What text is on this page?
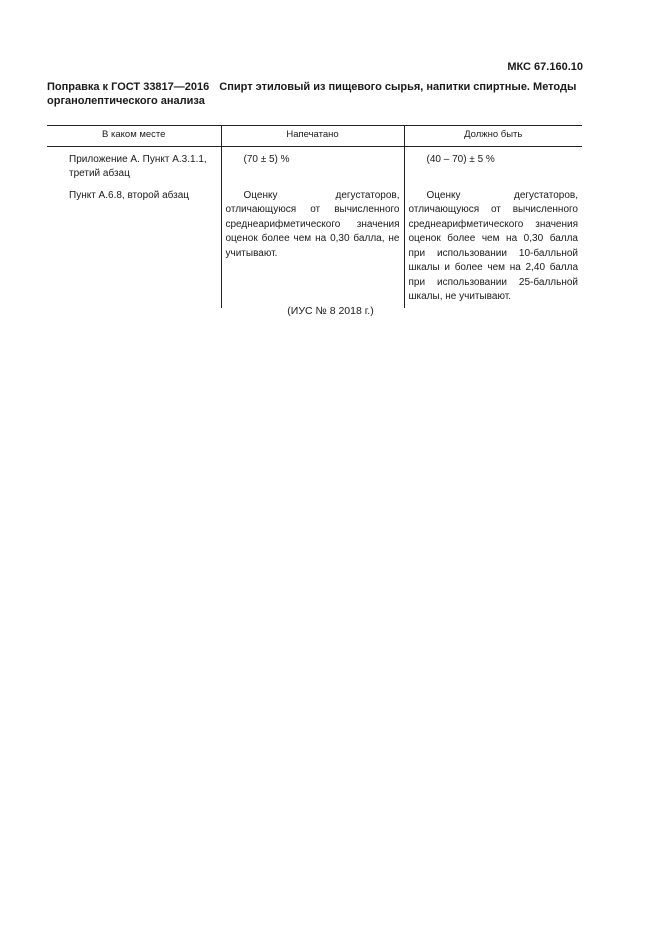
МКС 67.160.10
Поправка к ГОСТ 33817—2016 Спирт этиловый из пищевого сырья, напитки спиртные. Методы органолептического анализа
В каком месте	Напечатано	Должно быть

Приложение А. Пункт А.3.1.1, третий абзац	(70 ± 5) %	(40 – 70) ± 5 %

Пункт А.6.8, второй абзац	Оценку дегустаторов, отличающуюся от вычисленного среднеарифметического значения оценок более чем на 0,30 балла, не учитывают.	Оценку дегустаторов, отличающуюся от вычисленного среднеарифметического значения оценок более чем на 0,30 балла при использовании 10-балльной шкалы и более чем на 2,40 балла при использовании 25-балльной шкалы, не учитывают.
(ИУС № 8 2018 г.)
